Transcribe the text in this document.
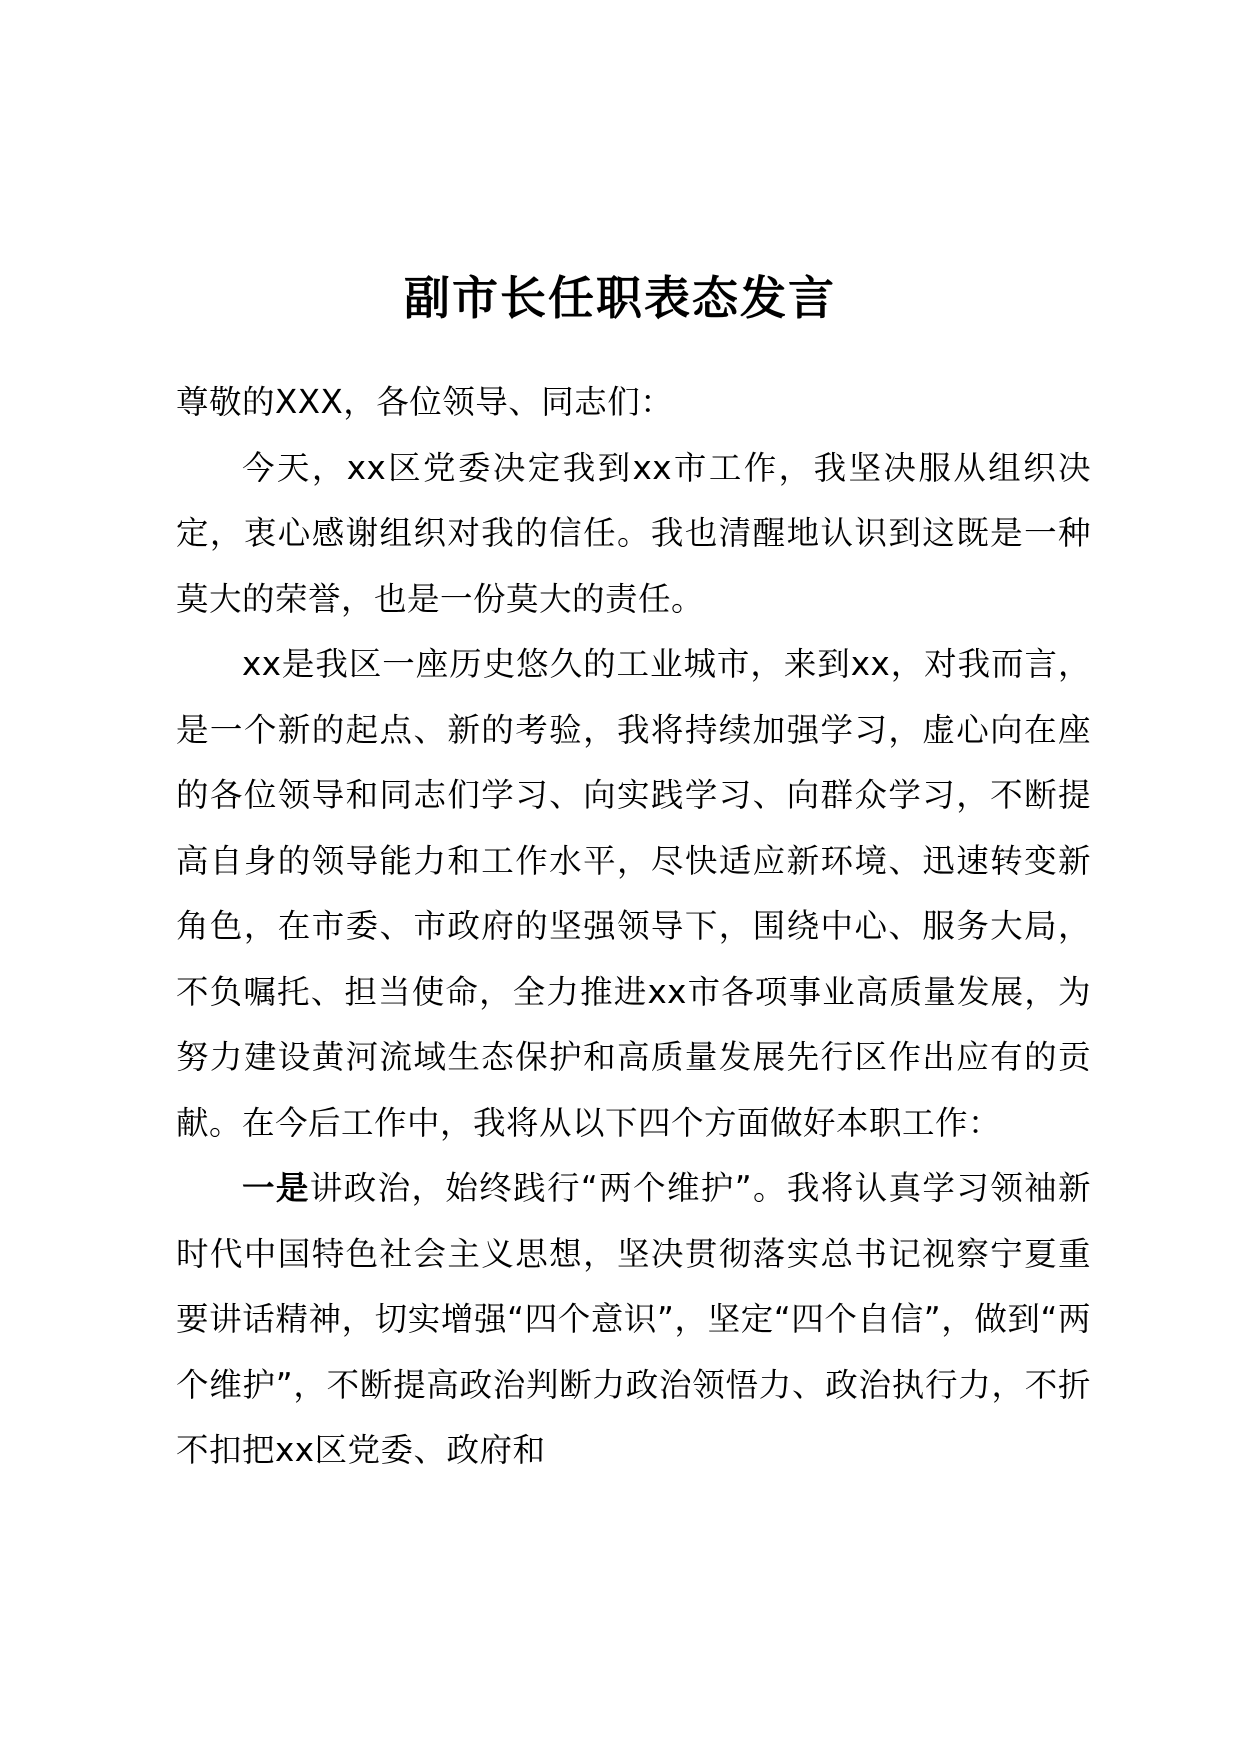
副市长任职表态发言

尊敬的XXX，各位领导、同志们：

今天，xx区党委决定我到xx市工作，我坚决服从组织决定，衷心感谢组织对我的信任。我也清醒地认识到这既是一种莫大的荣誉，也是一份莫大的责任。

xx是我区一座历史悠久的工业城市，来到xx，对我而言，是一个新的起点、新的考验，我将持续加强学习，虚心向在座的各位领导和同志们学习、向实践学习、向群众学习，不断提高自身的领导能力和工作水平，尽快适应新环境、迅速转变新角色，在市委、市政府的坚强领导下，围绕中心、服务大局，不负嘱托、担当使命，全力推进xx市各项事业高质量发展，为努力建设黄河流域生态保护和高质量发展先行区作出应有的贡献。在今后工作中，我将从以下四个方面做好本职工作：

一是讲政治，始终践行“两个维护”。我将认真学习领袖新时代中国特色社会主义思想，坚决贯彻落实总书记视察宁夏重要讲话精神，切实增强“四个意识”，坚定“四个自信”，做到“两个维护”，不断提高政治判断力政治领悟力、政治执行力，不折不扣把xx区党委、政府和
